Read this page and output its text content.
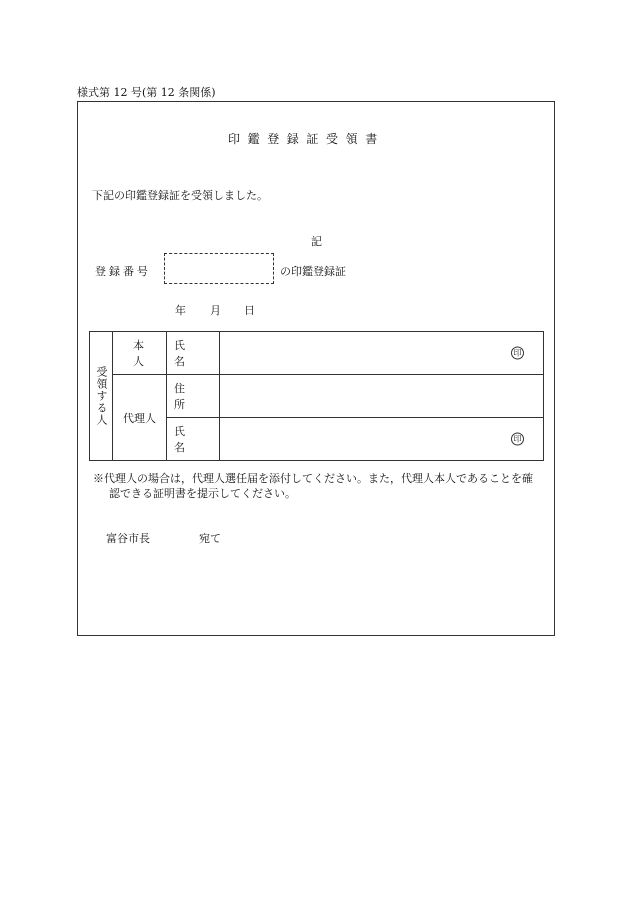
様式第 12 号(第 12 条関係)
印鑑登録証受領書
下記の印鑑登録証を受領しました。
記
登録番号	の印鑑登録証
年 月 日
受領する人	本　人	氏名	印

	代理人	住所	
		氏名	印
※代理人の場合は，代理人選任届を添付してください。また，代理人本人であることを確
認できる証明書を提示してください。
富谷市長	宛て
